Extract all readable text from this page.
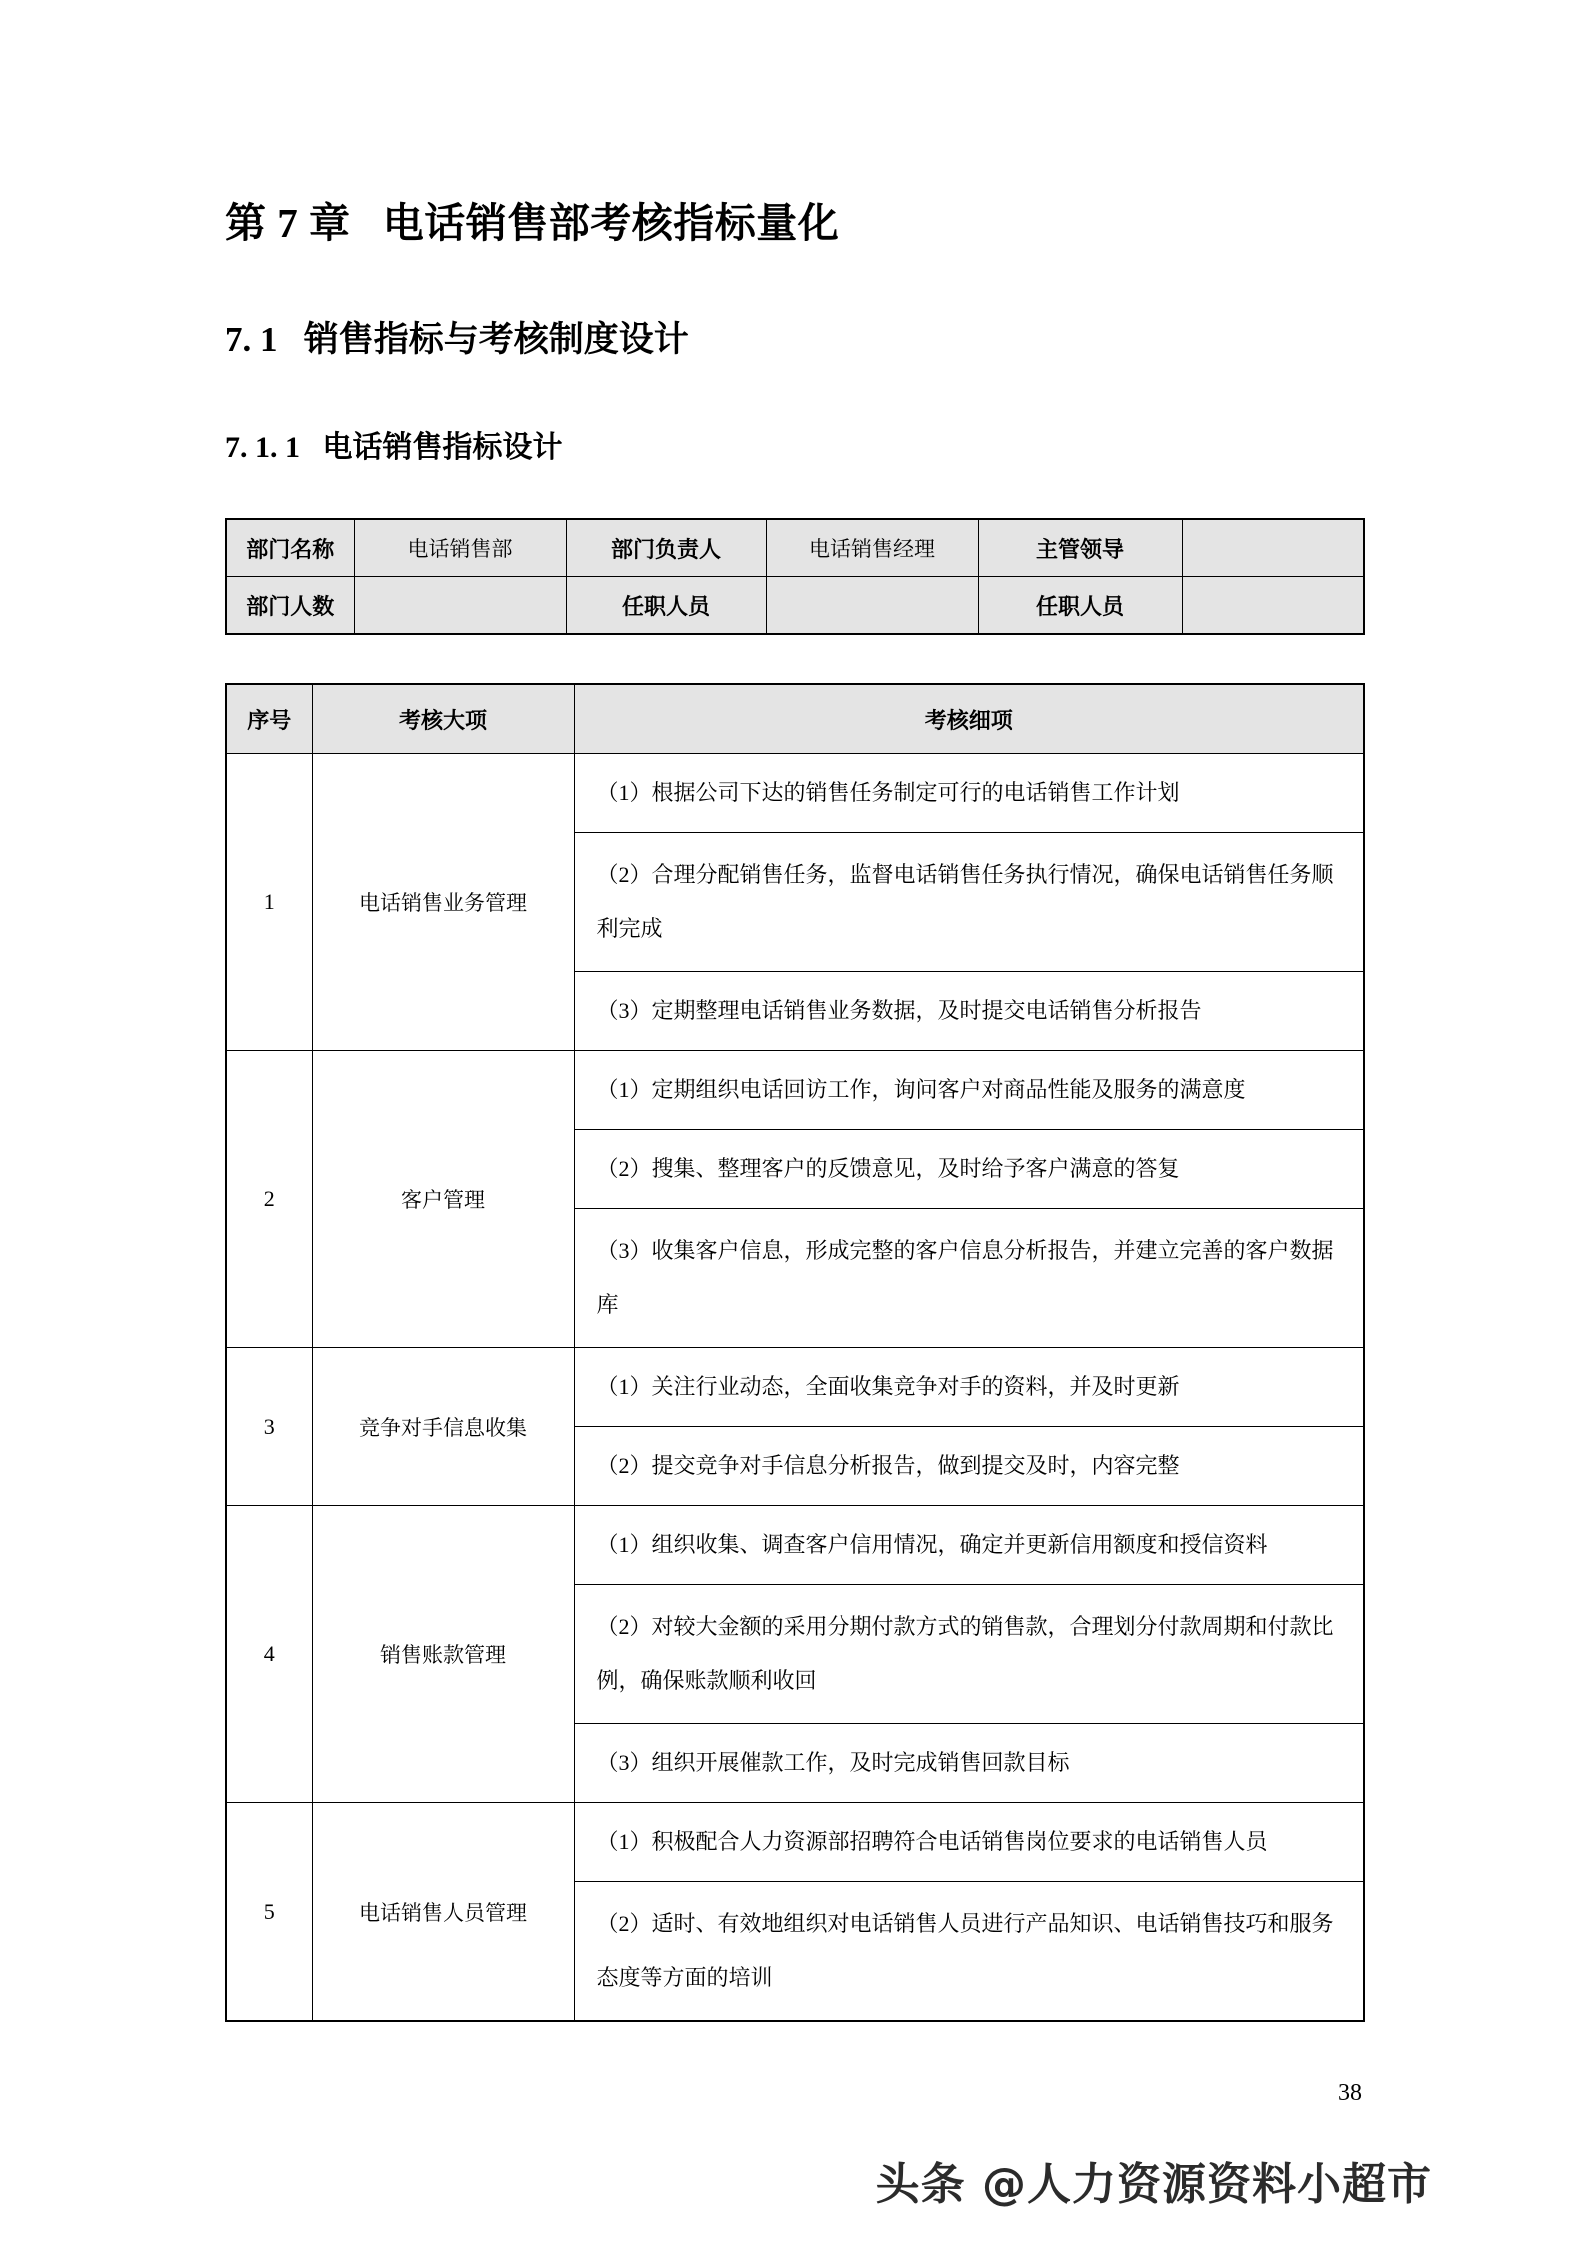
第 7 章   电话销售部考核指标量化
7. 1   销售指标与考核制度设计
7. 1. 1   电话销售指标设计
部门名称	电话销售部	部门负责人	电话销售经理	主管领导	
部门人数		任职人员		任职人员	
序号	考核大项	考核细项
1	电话销售业务管理	（1）根据公司下达的销售任务制定可行的电话销售工作计划
		（2）合理分配销售任务，监督电话销售任务执行情况，确保电话销售任务顺利完成
		（3）定期整理电话销售业务数据，及时提交电话销售分析报告
2	客户管理	（1）定期组织电话回访工作，询问客户对商品性能及服务的满意度
		（2）搜集、整理客户的反馈意见，及时给予客户满意的答复
		（3）收集客户信息，形成完整的客户信息分析报告，并建立完善的客户数据库
3	竞争对手信息收集	（1）关注行业动态，全面收集竞争对手的资料，并及时更新
		（2）提交竞争对手信息分析报告，做到提交及时，内容完整
4	销售账款管理	（1）组织收集、调查客户信用情况，确定并更新信用额度和授信资料
		（2）对较大金额的采用分期付款方式的销售款，合理划分付款周期和付款比例，确保账款顺利收回
		（3）组织开展催款工作，及时完成销售回款目标
5	电话销售人员管理	（1）积极配合人力资源部招聘符合电话销售岗位要求的电话销售人员
		（2）适时、有效地组织对电话销售人员进行产品知识、电话销售技巧和服务态度等方面的培训
38
头条 @人力资源资料小超市
